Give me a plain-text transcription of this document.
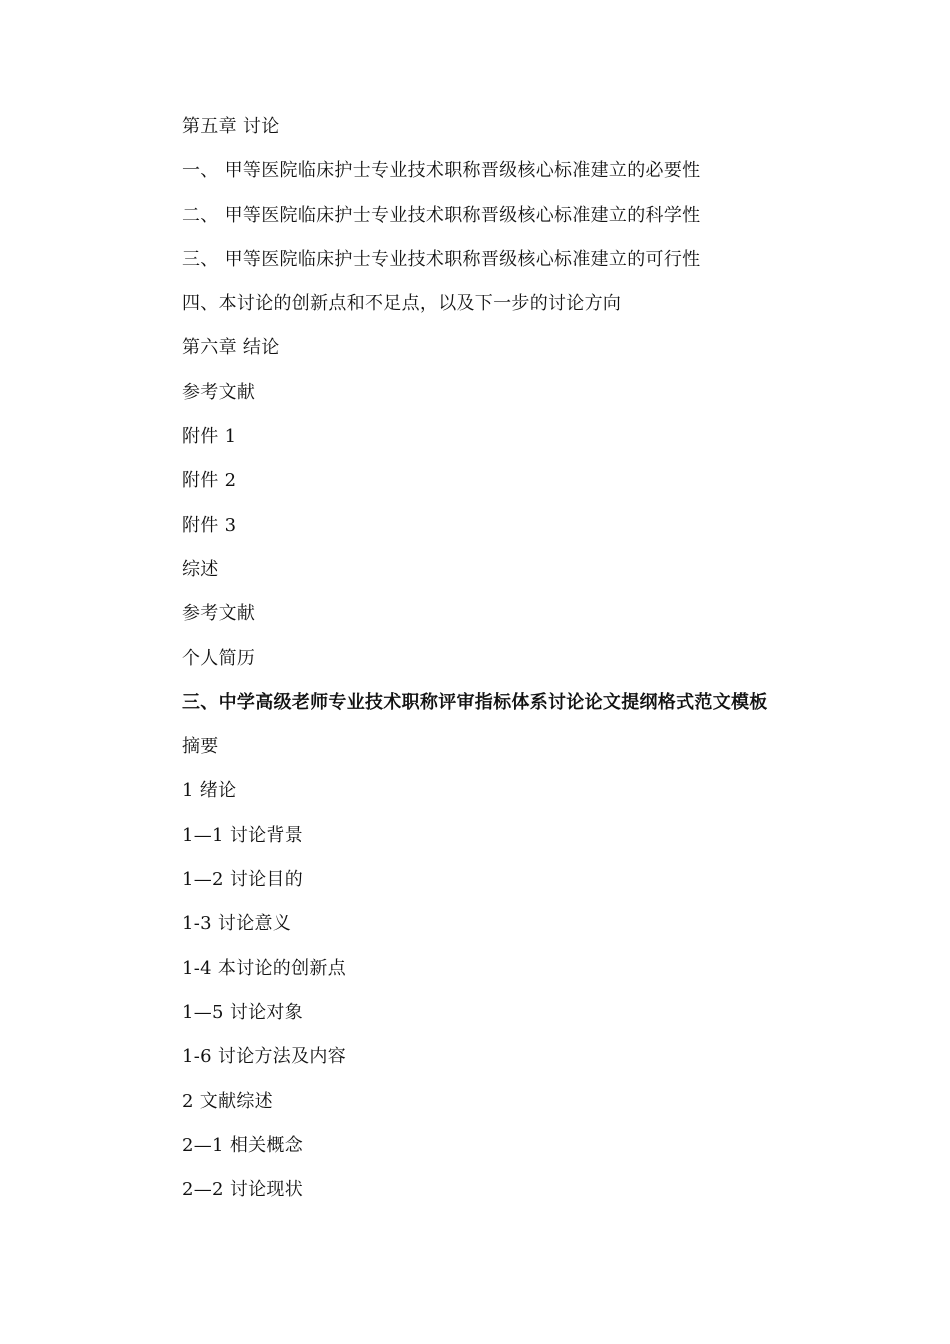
第五章 讨论
一、 甲等医院临床护士专业技术职称晋级核心标准建立的必要性
二、 甲等医院临床护士专业技术职称晋级核心标准建立的科学性
三、 甲等医院临床护士专业技术职称晋级核心标准建立的可行性
四、本讨论的创新点和不足点，以及下一步的讨论方向
第六章 结论
参考文献
附件 1
附件 2
附件 3
综述
参考文献
个人简历
三、中学高级老师专业技术职称评审指标体系讨论论文提纲格式范文模板
摘要
1 绪论
1—1 讨论背景
1—2 讨论目的
1-3 讨论意义
1-4 本讨论的创新点
1—5 讨论对象
1-6 讨论方法及内容
2 文献综述
2—1 相关概念
2—2 讨论现状
